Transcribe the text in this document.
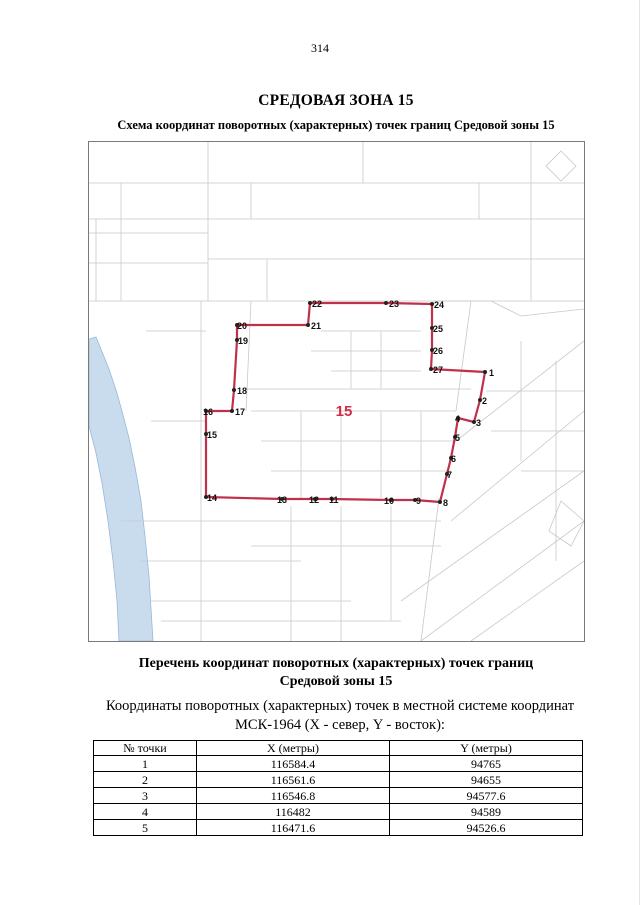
314
СРЕДОВАЯ ЗОНА 15
Схема координат поворотных (характерных) точек границ Средовой зоны 15
1
2
3
4
5
6
7
8
9
10
11
12
13
14
15
16 17
18
19
20	21
22	23	24
25
26
27
15
Перечень координат поворотных (характерных) точек границ
Средовой зоны 15
Координаты поворотных (характерных) точек в местной системе координат
МСК-1964 (X - север, Y - восток):
№ точки	X (метры)	Y (метры)
1	116584.4	94765
2	116561.6	94655
3	116546.8	94577.6
4	116482	94589
5	116471.6	94526.6
